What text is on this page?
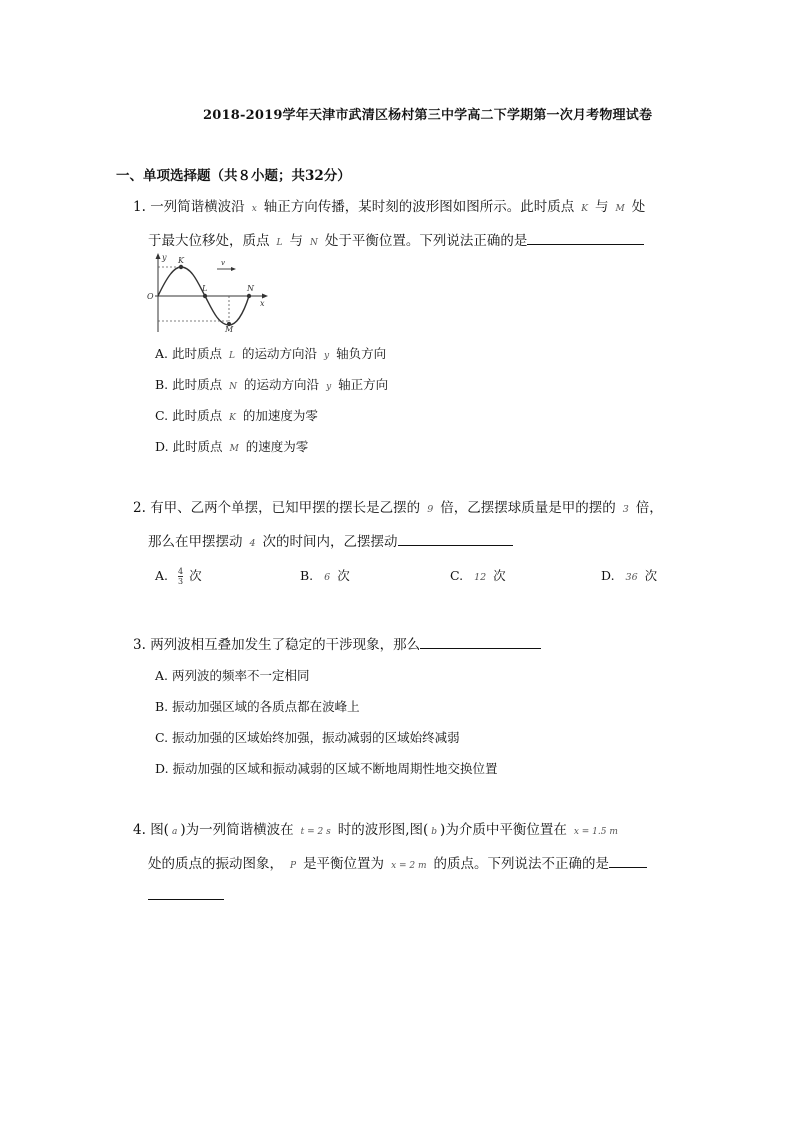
2018-2019学年天津市武清区杨村第三中学高二下学期第一次月考物理试卷
一、单项选择题（共８小题；共32分）
1. 一列简谐横波沿 x 轴正方向传播，某时刻的波形图如图所示。此时质点 K 与 M 处
于最大位移处，质点 L 与 N 处于平衡位置。下列说法正确的是
y K	v
O
L	N
x
M
A. 此时质点 L 的运动方向沿 y 轴负方向
B. 此时质点 N 的运动方向沿 y 轴正方向
C. 此时质点 K 的加速度为零
D. 此时质点 M 的速度为零
2. 有甲、乙两个单摆，已知甲摆的摆长是乙摆的 9 倍，乙摆摆球质量是甲的摆的 3 倍，
那么在甲摆摆动 4 次的时间内，乙摆摆动
A. $\frac{4}{3}$ 次	B. 6 次	C. 12 次	D. 36 次
3. 两列波相互叠加发生了稳定的干涉现象，那么
A. 两列波的频率不一定相同
B. 振动加强区域的各质点都在波峰上
C. 振动加强的区域始终加强，振动减弱的区域始终减弱
D. 振动加强的区域和振动减弱的区域不断地周期性地交换位置
4. 图( a )为一列简谐横波在 t = 2 s 时的波形图,图( b )为介质中平衡位置在 x = 1.5 m
处的质点的振动图象， P 是平衡位置为 x = 2 m 的质点。下列说法不正确的是
